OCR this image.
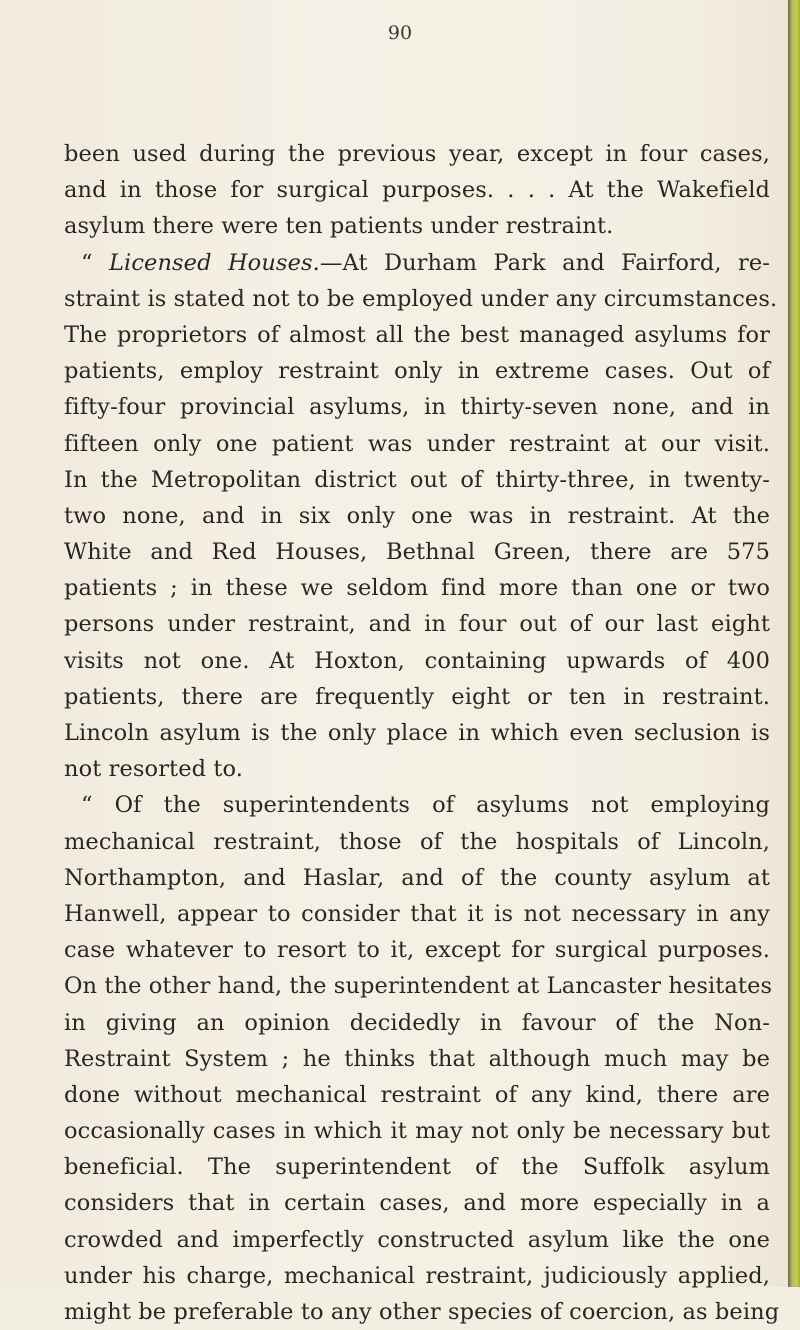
90
been used during the previous year, except in four cases,
and in those for surgical purposes. . . . At the Wakefield
asylum there were ten patients under restraint.
“ Licensed Houses.—At Durham Park and Fairford, re-
straint is stated not to be employed under any circumstances.
The proprietors of almost all the best managed asylums for
patients, employ restraint only in extreme cases. Out of
fifty-four provincial asylums, in thirty-seven none, and in
fifteen only one patient was under restraint at our visit.
In the Metropolitan district out of thirty-three, in twenty-
two none, and in six only one was in restraint. At the
White and Red Houses, Bethnal Green, there are 575
patients ; in these we seldom find more than one or two
persons under restraint, and in four out of our last eight
visits not one. At Hoxton, containing upwards of 400
patients, there are frequently eight or ten in restraint.
Lincoln asylum is the only place in which even seclusion is
not resorted to.
“ Of the superintendents of asylums not employing
mechanical restraint, those of the hospitals of Lincoln,
Northampton, and Haslar, and of the county asylum at
Hanwell, appear to consider that it is not necessary in any
case whatever to resort to it, except for surgical purposes.
On the other hand, the superintendent at Lancaster hesitates
in giving an opinion decidedly in favour of the Non-
Restraint System ; he thinks that although much may be
done without mechanical restraint of any kind, there are
occasionally cases in which it may not only be necessary but
beneficial. The superintendent of the Suffolk asylum
considers that in certain cases, and more especially in a
crowded and imperfectly constructed asylum like the one
under his charge, mechanical restraint, judiciously applied,
might be preferable to any other species of coercion, as being
